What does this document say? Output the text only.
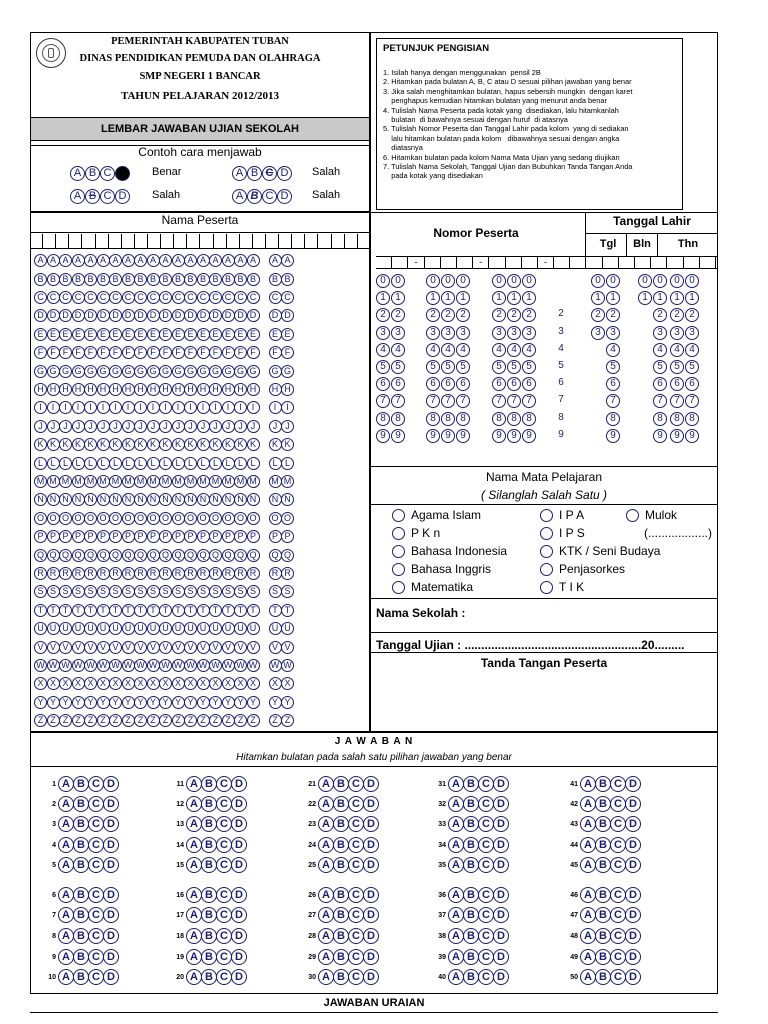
PEMERINTAH KABUPATEN TUBAN
DINAS PENDIDIKAN PEMUDA DAN OLAHRAGA
SMP NEGERI 1 BANCAR
TAHUN PELAJARAN 2012/2013
LEMBAR JAWABAN UJIAN SEKOLAH
Contoh cara menjawab
A B C D	Benar	A B C D	Salah
A B C D	Salah	A B C D	Salah
PETUNJUK PENGISIAN
1. Isilah hanya dengan menggunakan  pensil 2B
2. Hitamkan pada bulatan A, B, C atau D sesuai pilihan jawaban yang benar
3. Jika salah menghitamkan bulatan, hapus sebersih mungkin  dengan karet
penghapus kemudian hitamkan bulatan yang menurut anda benar
4. Tulislah Nama Peserta pada kotak yang  disediakan, lalu hitamkanlah
bulatan  di bawahnya sesuai dengan huruf  di atasnya
5. Tulislah Nomor Peserta dan Tanggal Lahir pada kolom  yang di sediakan
lalu hitamkan bulatan pada kolom   dibawahnya sesuai dengan angka
diatasnya
6. Hitamkan bulatan pada kolom Nama Mata Ujian yang sedang diujikan
7. Tulislah Nama Sekolah, Tanggal Ujian dan Bubuhkan Tanda Tangan Anda
pada kotak yang disediakan
Nama Peserta
A A A A A A A A A A A A A A A A A A A A
B B B B B B B B B B B B B B B B B B B B
C C C C C C C C C C C C C C C C C C C C
D D D D D D D D D D D D D D D D D D D D
E E E E E E E E E E E E E E E E E E E E
F F F F F F F F F F F F F F F F F F F F
G G G G G G G G G G G G G G G G G G G G
H H H H H H H H H H H H H H H H H H H H
I I I I I I I I I I I I I I I I I I I I
J J J J J J J J J J J J J J J J J J J J
K K K K K K K K K K K K K K K K K K K K
L L L L L L L L L L L L L L L L L L L L
M M M M M M M M M M M M M M M M M M M M
N N N N N N N N N N N N N N N N N N N N
O O O O O O O O O O O O O O O O O O O O
P P P P P P P P P P P P P P P P P P P P
Q Q Q Q Q Q Q Q Q Q Q Q Q Q Q Q Q Q Q Q
R R R R R R R R R R R R R R R R R R R R
S S S S S S S S S S S S S S S S S S S S
T T T T T T T T T T T T T T T T T T T T
U U U U U U U U U U U U U U U U U U U U
V V V V V V V V V V V V V V V V V V V V
W W W W W W W W W W W W W W W W W W W W
X X X X X X X X X X X X X X X X X X X X
Y Y Y Y Y Y Y Y Y Y Y Y Y Y Y Y Y Y Y Y
Z Z Z Z Z Z Z Z Z Z Z Z Z Z Z Z Z Z Z Z
Nomor Peserta
Tanggal Lahir
Tgl	Bln	Thn
-	-	-
0 0	0 0 0	0 0 0	0 0	0 0	0 0
1 1	1 1 1	1 1 1	1 1	1 1	1 1
2 2	2 2 2	2 2 2	2	2 2	2	2 2
3 3	3 3 3	3 3 3	3	3 3	3	3 3
4 4	4 4 4	4 4 4	4	4	4	4 4
5 5	5 5 5	5 5 5	5	5	5	5 5
6 6	6 6 6	6 6 6	6	6	6	6 6
7 7	7 7 7	7 7 7	7	7	7	7 7
8 8	8 8 8	8 8 8	8	8	8	8 8
9 9	9 9 9	9 9 9	9	9	9	9 9
Nama Mata Pelajaran
( Silanglah Salah Satu )
Agama Islam
P K n
Bahasa Indonesia
Bahasa Inggris
Matematika
I P A
I P S
KTK / Seni Budaya
Penjasorkes
T I K
Mulok
(..................)
Nama Sekolah :
Tanggal Ujian : .....................................................20.........
Tanda Tangan Peserta
J A W A B A N
Hitamkan bulatan pada salah satu pilihan jawaban yang benar
1 A B C D
2 A B C D
3 A B C D
4 A B C D
5 A B C D
6 A B C D
7 A B C D
8 A B C D
9 A B C D
10 A B C D
11 A B C D
12 A B C D
13 A B C D
14 A B C D
15 A B C D
16 A B C D
17 A B C D
18 A B C D
19 A B C D
20 A B C D
21 A B C D
22 A B C D
23 A B C D
24 A B C D
25 A B C D
26 A B C D
27 A B C D
28 A B C D
29 A B C D
30 A B C D
31 A B C D
32 A B C D
33 A B C D
34 A B C D
35 A B C D
36 A B C D
37 A B C D
38 A B C D
39 A B C D
40 A B C D
41 A B C D
42 A B C D
43 A B C D
44 A B C D
45 A B C D
46 A B C D
47 A B C D
48 A B C D
49 A B C D
50 A B C D
JAWABAN URAIAN
